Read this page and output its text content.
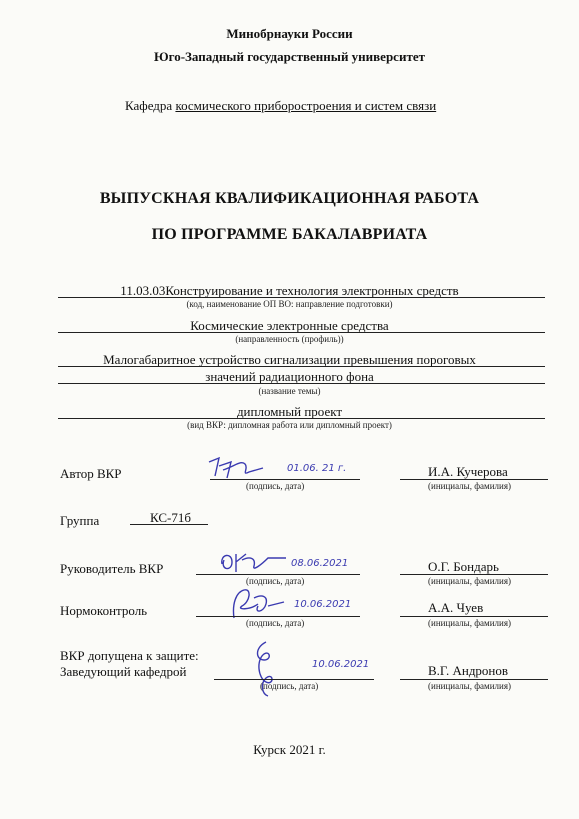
Минобрнауки России
Юго-Западный государственный университет
Кафедра космического приборостроения и систем связи
ВЫПУСКНАЯ КВАЛИФИКАЦИОННАЯ РАБОТА
ПО ПРОГРАММЕ БАКАЛАВРИАТА
11.03.03Конструирование и технология электронных средств
(код, наименование ОП ВО: направление подготовки)
Космические электронные средства
(направленность (профиль))
Малогабаритное устройство сигнализации превышения пороговых
значений радиационного фона
(название темы)
дипломный проект
(вид ВКР: дипломная работа или дипломный проект)
Автор ВКР	01.06. 21 г.
(подпись, дата)
И.А. Кучерова
(инициалы, фамилия)
Группа	КС-71б
Руководитель ВКР	08.06.2021
(подпись, дата)
О.Г. Бондарь
(инициалы, фамилия)
Нормоконтроль	10.06.2021
(подпись, дата)
А.А. Чуев
(инициалы, фамилия)
ВКР допущена к защите:
Заведующий кафедрой	10.06.2021
(подпись, дата)
В.Г. Андронов
(инициалы, фамилия)
Курск 2021 г.
